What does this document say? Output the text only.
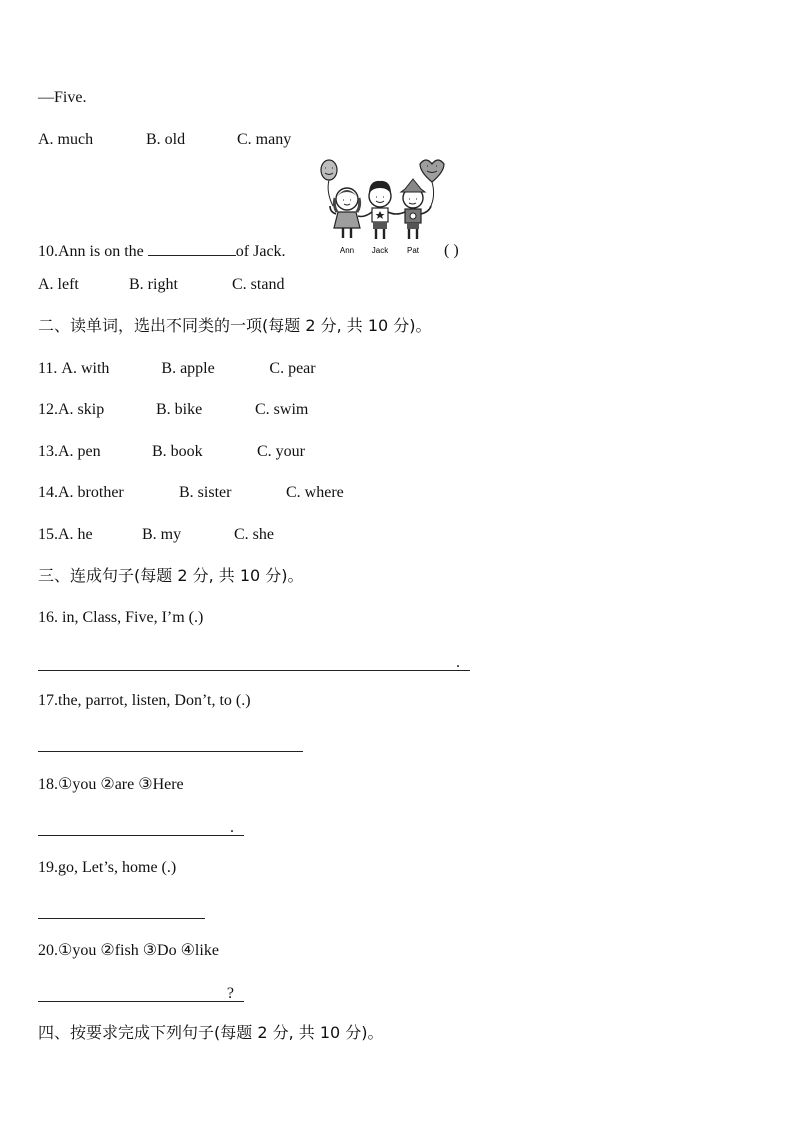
—Five.
A. much	B. old	C. many
Ann Jack Pat
10.Ann is on the	of Jack.	( )
A. left	B. right	C. stand
二、读单词，选出不同类的一项(每题 2 分, 共 10 分)。
11. A. with	B. apple	C. pear
12.A. skip	B. bike	C. swim
13.A. pen	B. book	C. your
14.A. brother	B. sister	C. where
15.A. he	B. my	C. she
三、连成句子(每题 2 分, 共 10 分)。
16. in, Class, Five, I’m (.)
.
17.the, parrot, listen, Don’t, to (.)
18.①you ②are ③Here
.
19.go, Let’s, home (.)
20.①you ②fish ③Do ④like
?
四、按要求完成下列句子(每题 2 分, 共 10 分)。
